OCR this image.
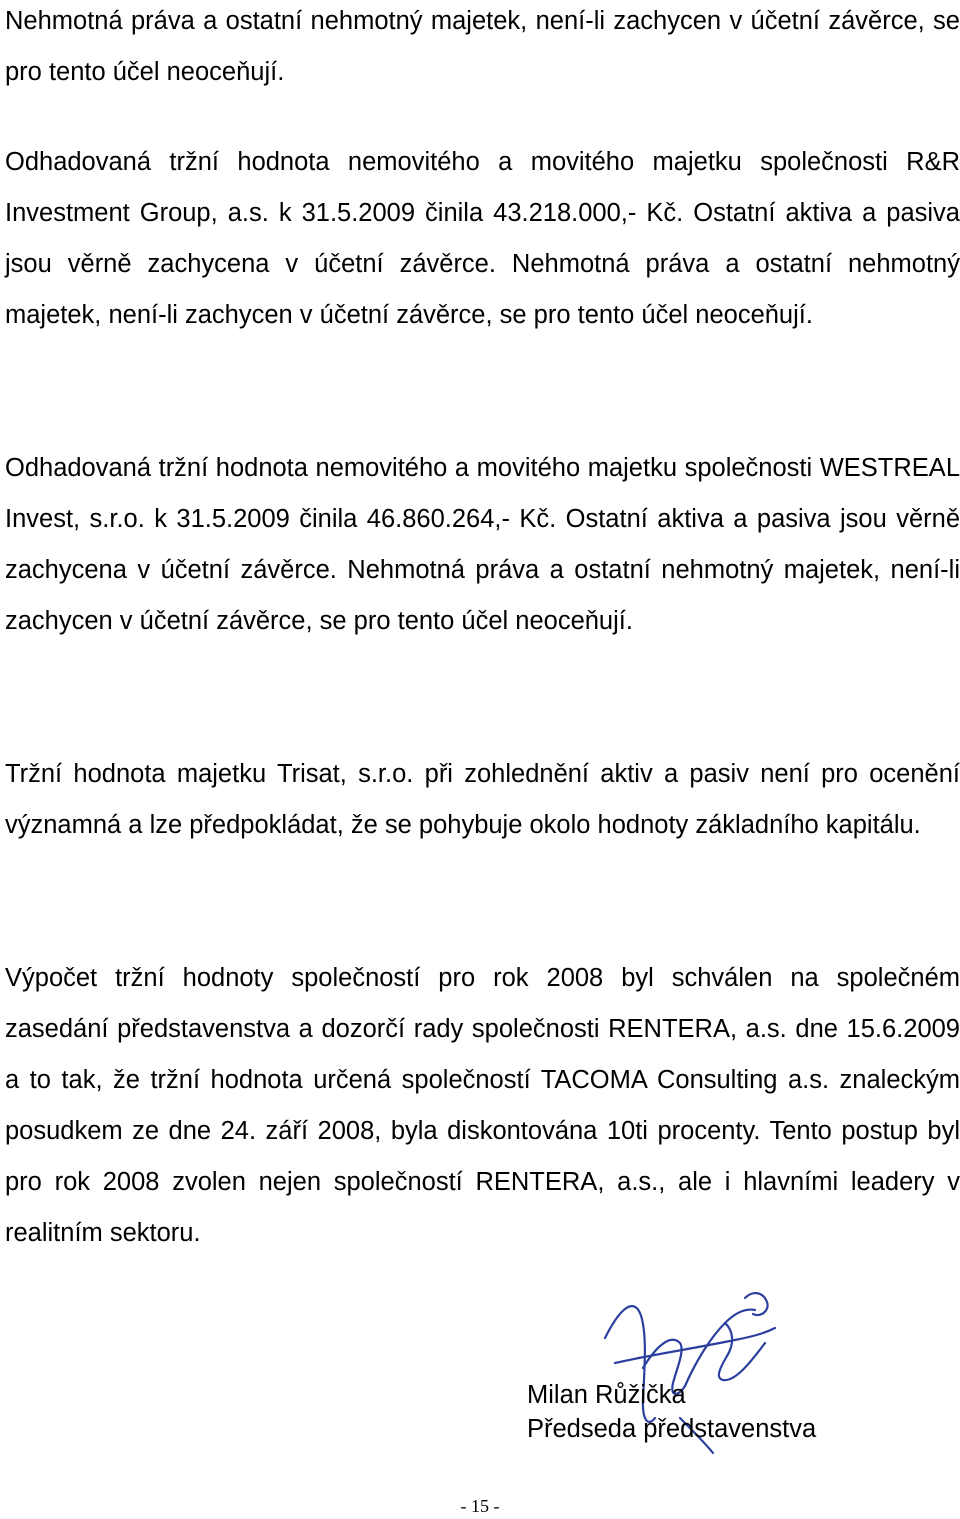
Nehmotná práva a ostatní nehmotný majetek, není-li zachycen v účetní závěrce, se pro tento účel neoceňují.

Odhadovaná tržní hodnota nemovitého a movitého majetku společnosti R&R Investment Group, a.s. k 31.5.2009 činila 43.218.000,- Kč. Ostatní aktiva a pasiva jsou věrně zachycena v účetní závěrce. Nehmotná práva a ostatní nehmotný majetek, není-li zachycen v účetní závěrce, se pro tento účel neoceňují.

Odhadovaná tržní hodnota nemovitého a movitého majetku společnosti WESTREAL Invest, s.r.o. k 31.5.2009 činila 46.860.264,- Kč. Ostatní aktiva a pasiva jsou věrně zachycena v účetní závěrce. Nehmotná práva a ostatní nehmotný majetek, není-li zachycen v účetní závěrce, se pro tento účel neoceňují.

Tržní hodnota majetku Trisat, s.r.o. při zohlednění aktiv a pasiv není pro ocenění významná a lze předpokládat, že se pohybuje okolo hodnoty základního kapitálu.

Výpočet tržní hodnoty společností pro rok 2008 byl schválen na společném zasedání představenstva a dozorčí rady společnosti RENTERA, a.s. dne 15.6.2009 a to tak, že tržní hodnota určená společností TACOMA Consulting a.s. znaleckým posudkem ze dne 24. září 2008, byla diskontována 10ti procenty. Tento postup byl pro rok 2008 zvolen nejen společností RENTERA, a.s., ale i hlavními leadery v realitním sektoru.

Milan Růžička
Předseda představenstva
- 15 -
